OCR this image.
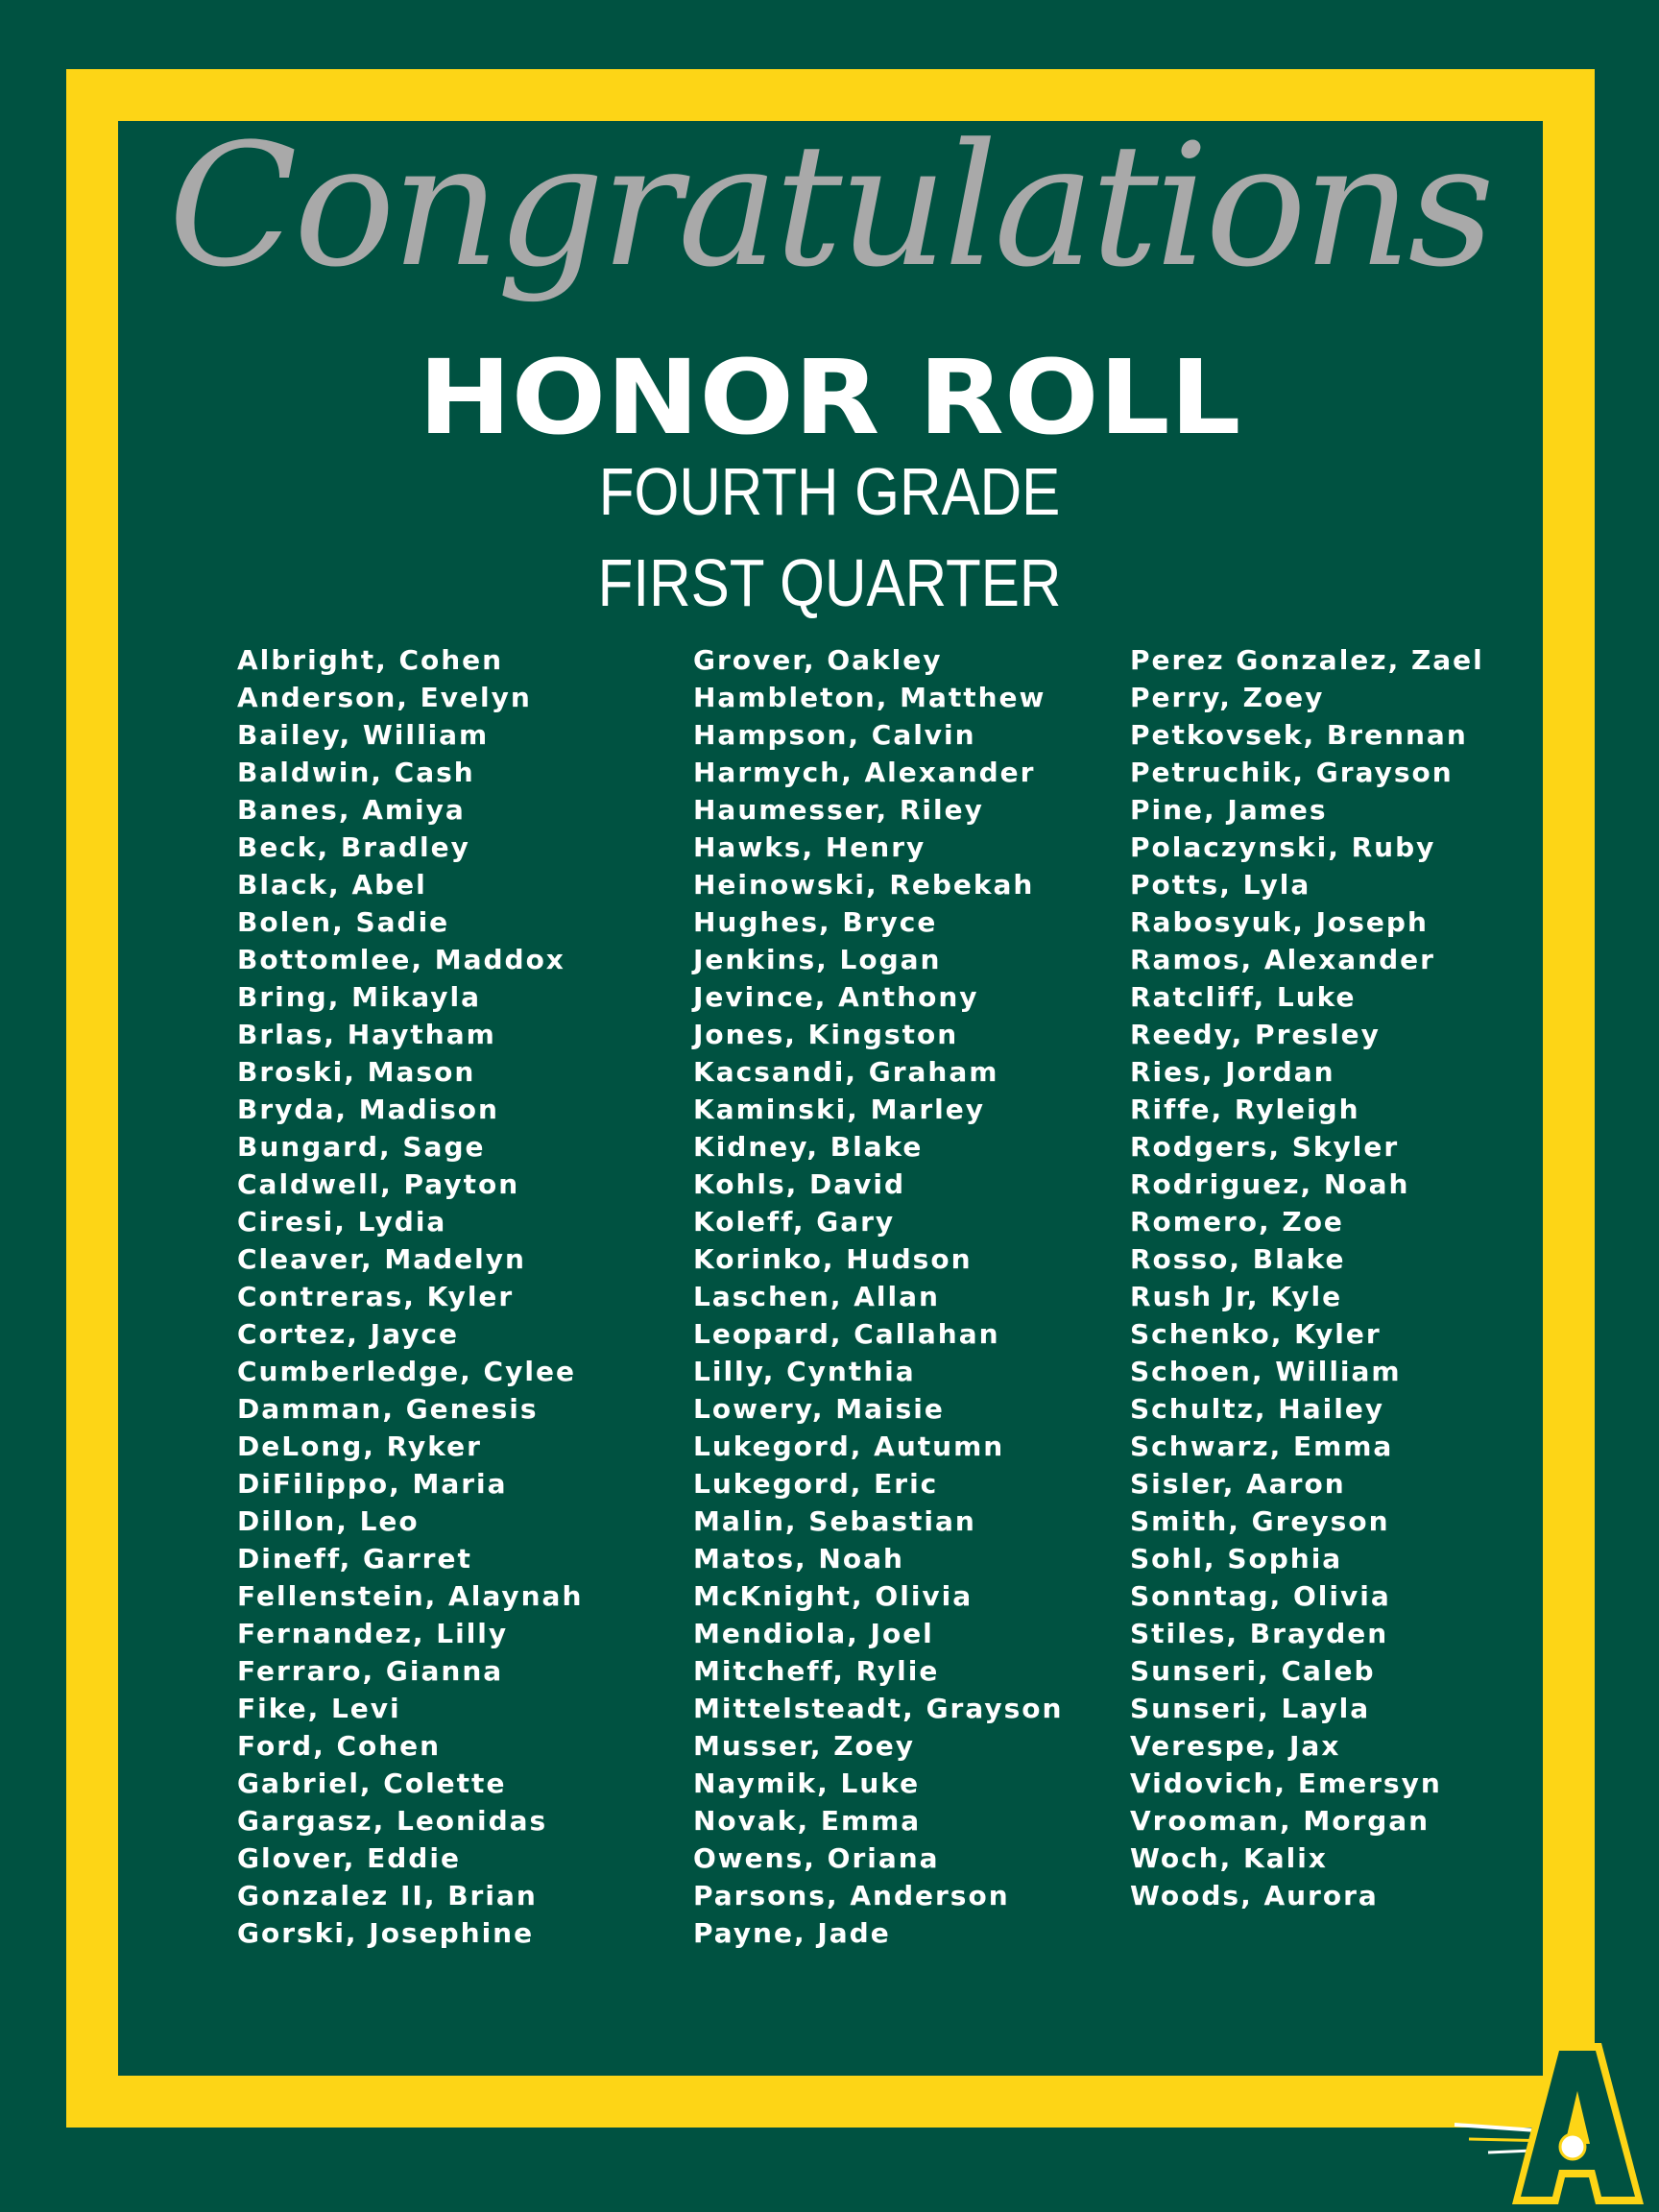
Congratulations
HONOR ROLL
FOURTH GRADE
FIRST QUARTER
Albright, Cohen
Anderson, Evelyn
Bailey, William
Baldwin, Cash
Banes, Amiya
Beck, Bradley
Black, Abel
Bolen, Sadie
Bottomlee, Maddox
Bring, Mikayla
Brlas, Haytham
Broski, Mason
Bryda, Madison
Bungard, Sage
Caldwell, Payton
Ciresi, Lydia
Cleaver, Madelyn
Contreras, Kyler
Cortez, Jayce
Cumberledge, Cylee
Damman, Genesis
DeLong, Ryker
DiFilippo, Maria
Dillon, Leo
Dineff, Garret
Fellenstein, Alaynah
Fernandez, Lilly
Ferraro, Gianna
Fike, Levi
Ford, Cohen
Gabriel, Colette
Gargasz, Leonidas
Glover, Eddie
Gonzalez II, Brian
Gorski, Josephine
Grover, Oakley
Hambleton, Matthew
Hampson, Calvin
Harmych, Alexander
Haumesser, Riley
Hawks, Henry
Heinowski, Rebekah
Hughes, Bryce
Jenkins, Logan
Jevince, Anthony
Jones, Kingston
Kacsandi, Graham
Kaminski, Marley
Kidney, Blake
Kohls, David
Koleff, Gary
Korinko, Hudson
Laschen, Allan
Leopard, Callahan
Lilly, Cynthia
Lowery, Maisie
Lukegord, Autumn
Lukegord, Eric
Malin, Sebastian
Matos, Noah
McKnight, Olivia
Mendiola, Joel
Mitcheff, Rylie
Mittelsteadt, Grayson
Musser, Zoey
Naymik, Luke
Novak, Emma
Owens, Oriana
Parsons, Anderson
Payne, Jade
Perez Gonzalez, Zael
Perry, Zoey
Petkovsek, Brennan
Petruchik, Grayson
Pine, James
Polaczynski, Ruby
Potts, Lyla
Rabosyuk, Joseph
Ramos, Alexander
Ratcliff, Luke
Reedy, Presley
Ries, Jordan
Riffe, Ryleigh
Rodgers, Skyler
Rodriguez, Noah
Romero, Zoe
Rosso, Blake
Rush Jr, Kyle
Schenko, Kyler
Schoen, William
Schultz, Hailey
Schwarz, Emma
Sisler, Aaron
Smith, Greyson
Sohl, Sophia
Sonntag, Olivia
Stiles, Brayden
Sunseri, Caleb
Sunseri, Layla
Verespe, Jax
Vidovich, Emersyn
Vrooman, Morgan
Woch, Kalix
Woods, Aurora
